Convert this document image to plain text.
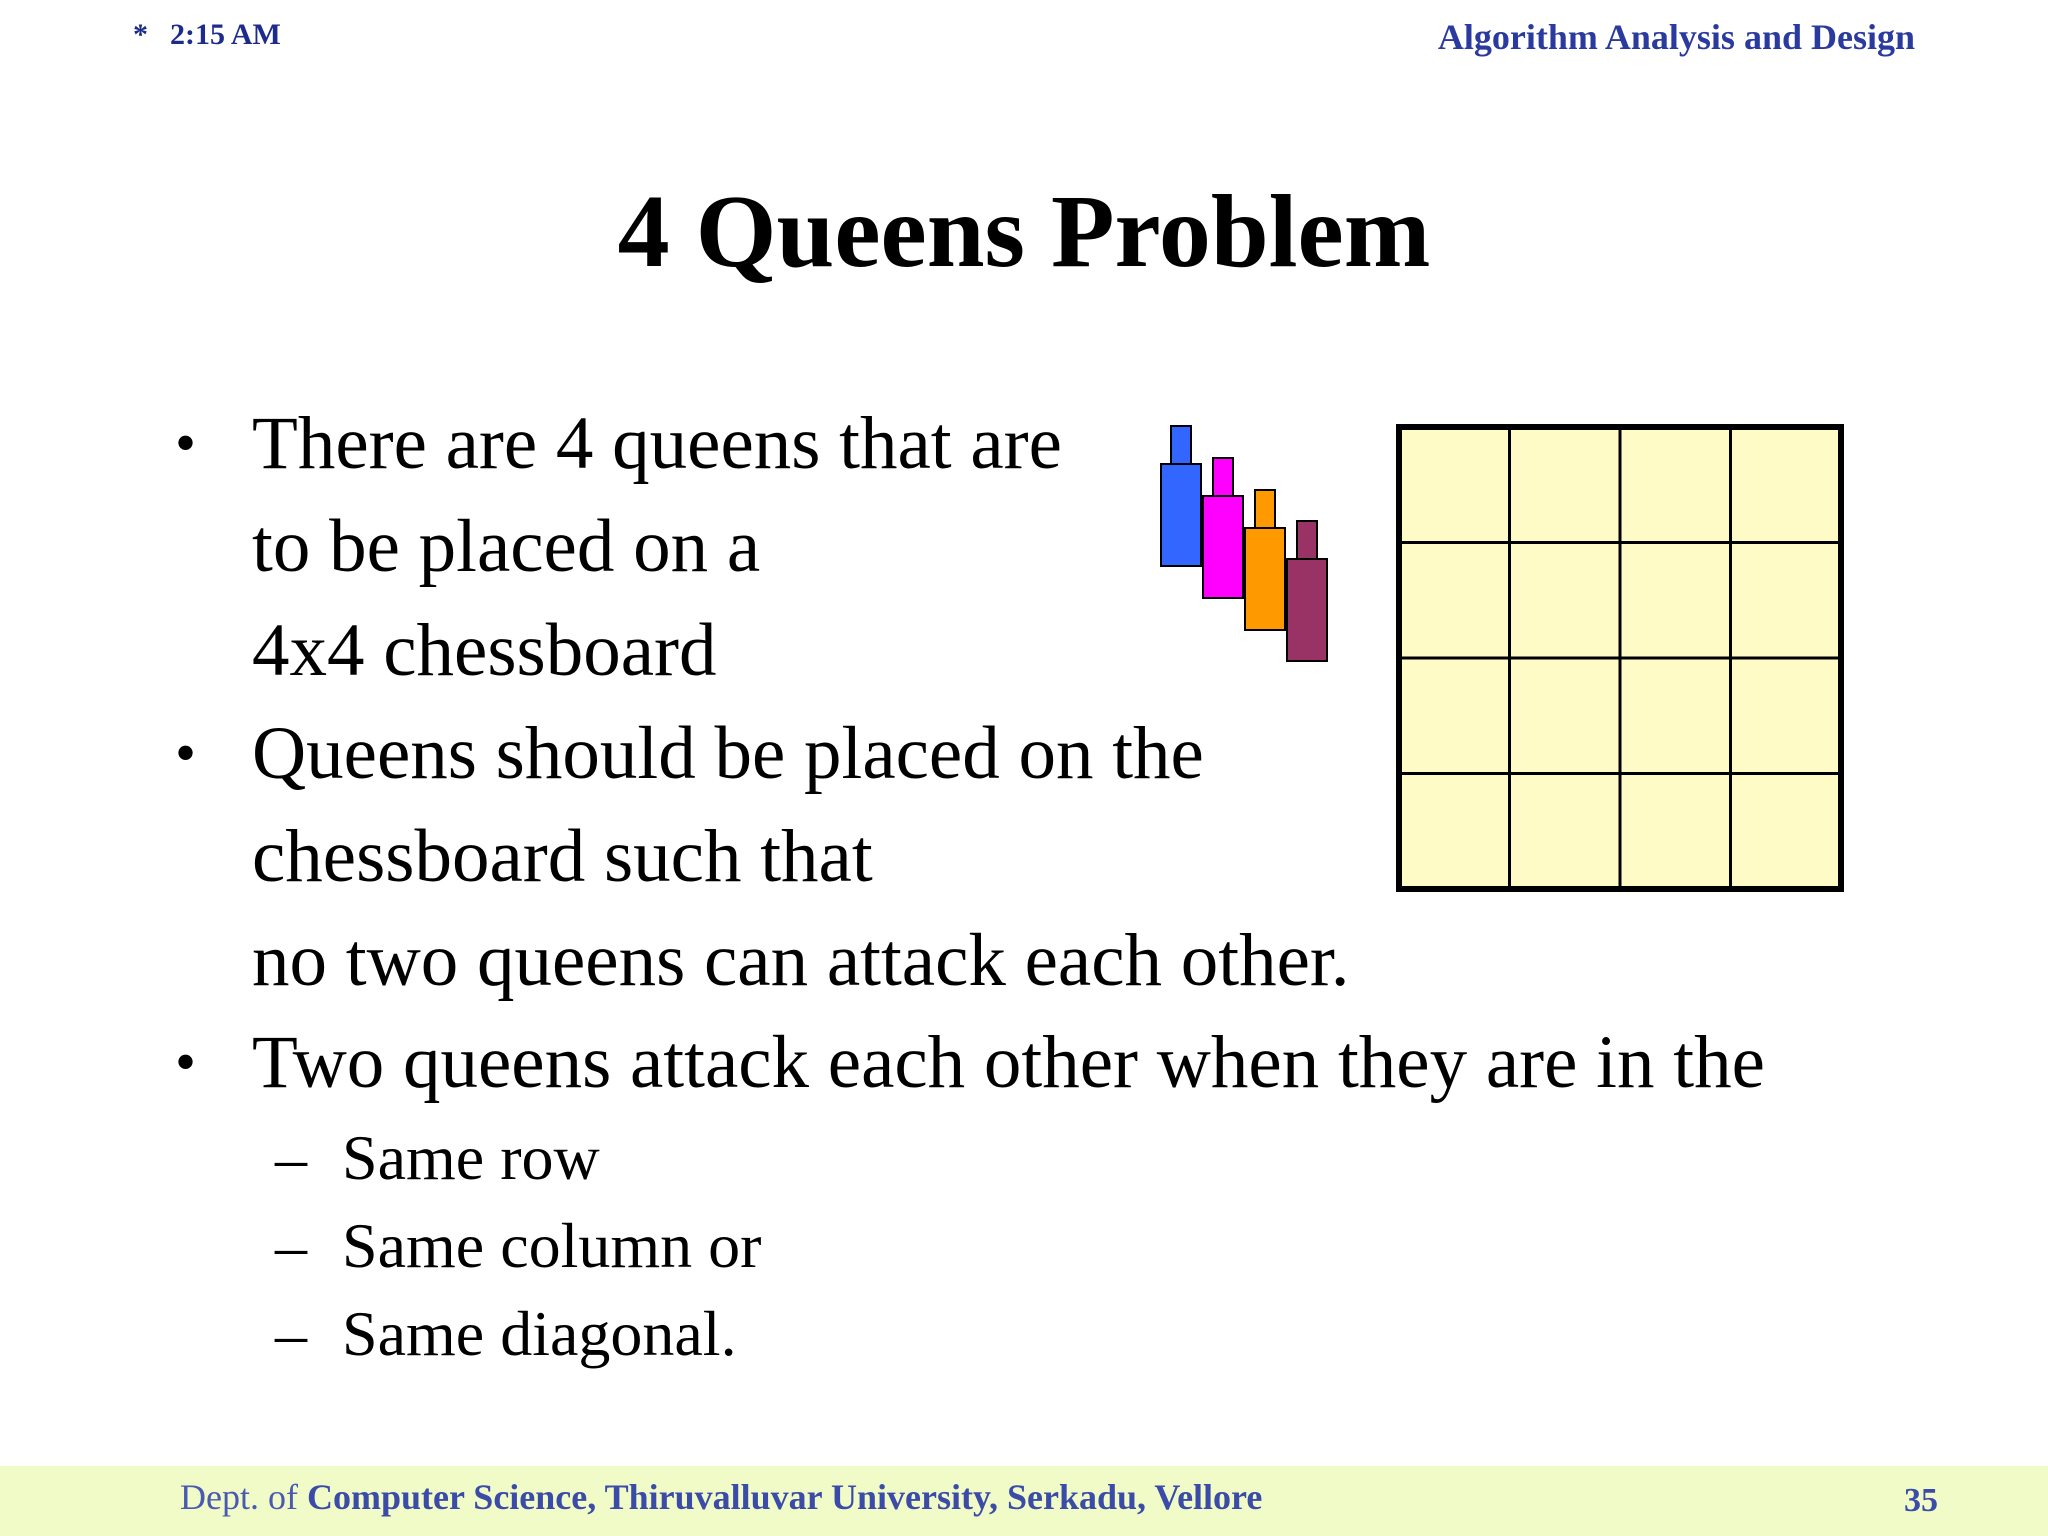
* 2:15 AM	Algorithm Analysis and Design
4 Queens Problem
• There are 4 queens that are
to be placed on a
4x4 chessboard
• Queens should be placed on the
chessboard such that
no two queens can attack each other.
• Two queens attack each other when they are in the
– Same row
– Same column or
– Same diagonal.
Dept. of Computer Science, Thiruvalluvar University, Serkadu, Vellore	35
